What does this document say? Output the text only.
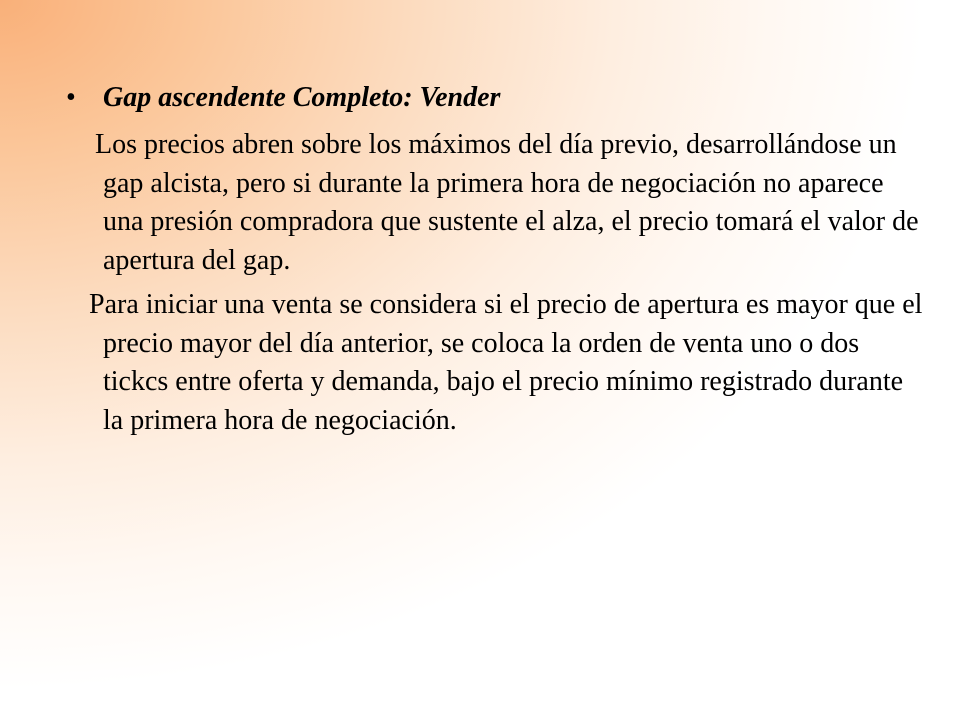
• Gap ascendente Completo: Vender

Los precios abren sobre los máximos del día previo, desarrollándose un gap alcista, pero si durante la primera hora de negociación no aparece una presión compradora que sustente el alza, el precio tomará el valor de apertura del gap.

Para iniciar una venta se considera si el precio de apertura es mayor que el precio mayor del día anterior, se coloca la orden de venta uno o dos tickcs entre oferta y demanda, bajo el precio mínimo registrado durante la primera hora de negociación.
